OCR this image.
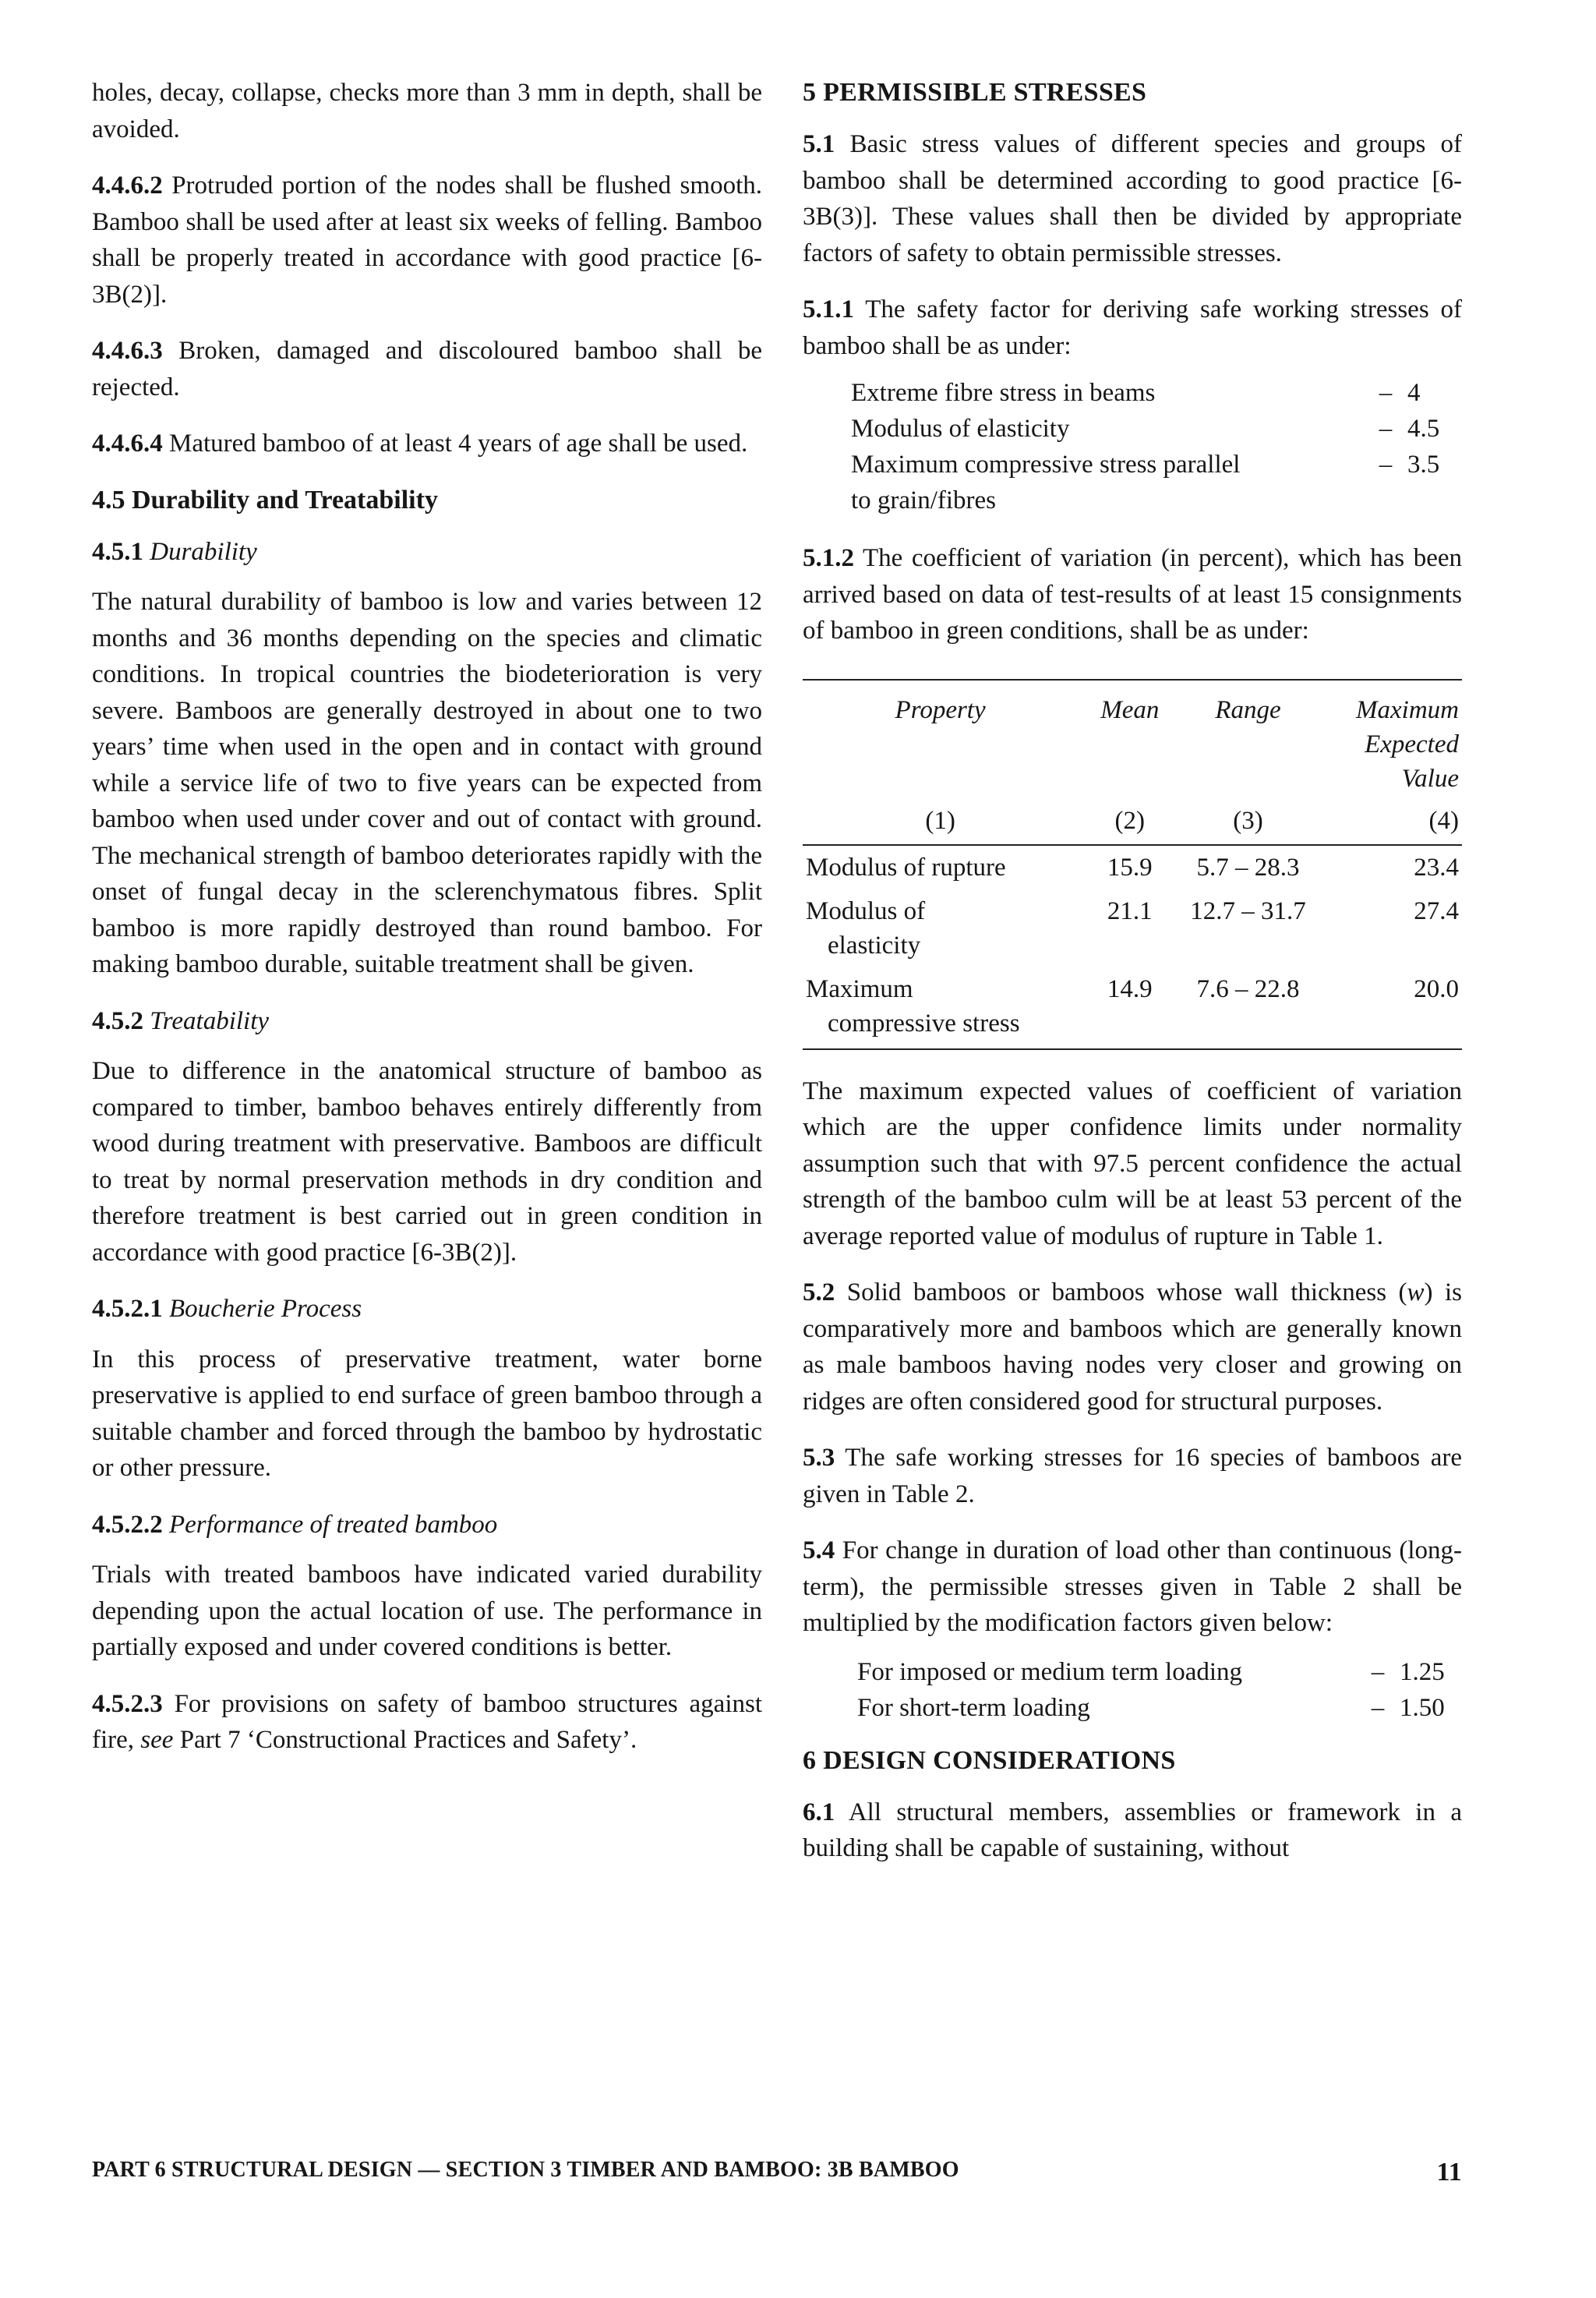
holes, decay, collapse, checks more than 3 mm in depth, shall be avoided.

4.4.6.2 Protruded portion of the nodes shall be flushed smooth. Bamboo shall be used after at least six weeks of felling. Bamboo shall be properly treated in accordance with good practice [6-3B(2)].

4.4.6.3 Broken, damaged and discoloured bamboo shall be rejected.

4.4.6.4 Matured bamboo of at least 4 years of age shall be used.

4.5 Durability and Treatability

4.5.1 Durability

The natural durability of bamboo is low and varies between 12 months and 36 months depending on the species and climatic conditions. In tropical countries the biodeterioration is very severe. Bamboos are generally destroyed in about one to two years’ time when used in the open and in contact with ground while a service life of two to five years can be expected from bamboo when used under cover and out of contact with ground. The mechanical strength of bamboo deteriorates rapidly with the onset of fungal decay in the sclerenchymatous fibres. Split bamboo is more rapidly destroyed than round bamboo. For making bamboo durable, suitable treatment shall be given.

4.5.2 Treatability

Due to difference in the anatomical structure of bamboo as compared to timber, bamboo behaves entirely differently from wood during treatment with preservative. Bamboos are difficult to treat by normal preservation methods in dry condition and therefore treatment is best carried out in green condition in accordance with good practice [6-3B(2)].

4.5.2.1 Boucherie Process

In this process of preservative treatment, water borne preservative is applied to end surface of green bamboo through a suitable chamber and forced through the bamboo by hydrostatic or other pressure.

4.5.2.2 Performance of treated bamboo

Trials with treated bamboos have indicated varied durability depending upon the actual location of use. The performance in partially exposed and under covered conditions is better.

4.5.2.3 For provisions on safety of bamboo structures against fire, see Part 7 ‘Constructional Practices and Safety’.

5 PERMISSIBLE STRESSES

5.1 Basic stress values of different species and groups of bamboo shall be determined according to good practice [6-3B(3)]. These values shall then be divided by appropriate factors of safety to obtain permissible stresses.

5.1.1 The safety factor for deriving safe working stresses of bamboo shall be as under:

Extreme fibre stress in beams	– 4
Modulus of elasticity	– 4.5
Maximum compressive stress parallel	– 3.5
to grain/fibres

5.1.2 The coefficient of variation (in percent), which has been arrived based on data of test-results of at least 15 consignments of bamboo in green conditions, shall be as under:

Property	Mean	Range	Maximum Expected Value
(1)	(2)	(3)	(4)
Modulus of rupture	15.9	5.7 – 28.3	23.4
Modulus of
elasticity	21.1	12.7 – 31.7	27.4
Maximum
compressive stress	14.9	7.6 – 22.8	20.0

The maximum expected values of coefficient of variation which are the upper confidence limits under normality assumption such that with 97.5 percent confidence the actual strength of the bamboo culm will be at least 53 percent of the average reported value of modulus of rupture in Table 1.

5.2 Solid bamboos or bamboos whose wall thickness (w) is comparatively more and bamboos which are generally known as male bamboos having nodes very closer and growing on ridges are often considered good for structural purposes.

5.3 The safe working stresses for 16 species of bamboos are given in Table 2.

5.4 For change in duration of load other than continuous (long-term), the permissible stresses given in Table 2 shall be multiplied by the modification factors given below:

For imposed or medium term loading	– 1.25
For short-term loading	– 1.50
6 DESIGN CONSIDERATIONS

6.1 All structural members, assemblies or framework in a building shall be capable of sustaining, without

PART 6 STRUCTURAL DESIGN — SECTION 3 TIMBER AND BAMBOO: 3B BAMBOO	11
